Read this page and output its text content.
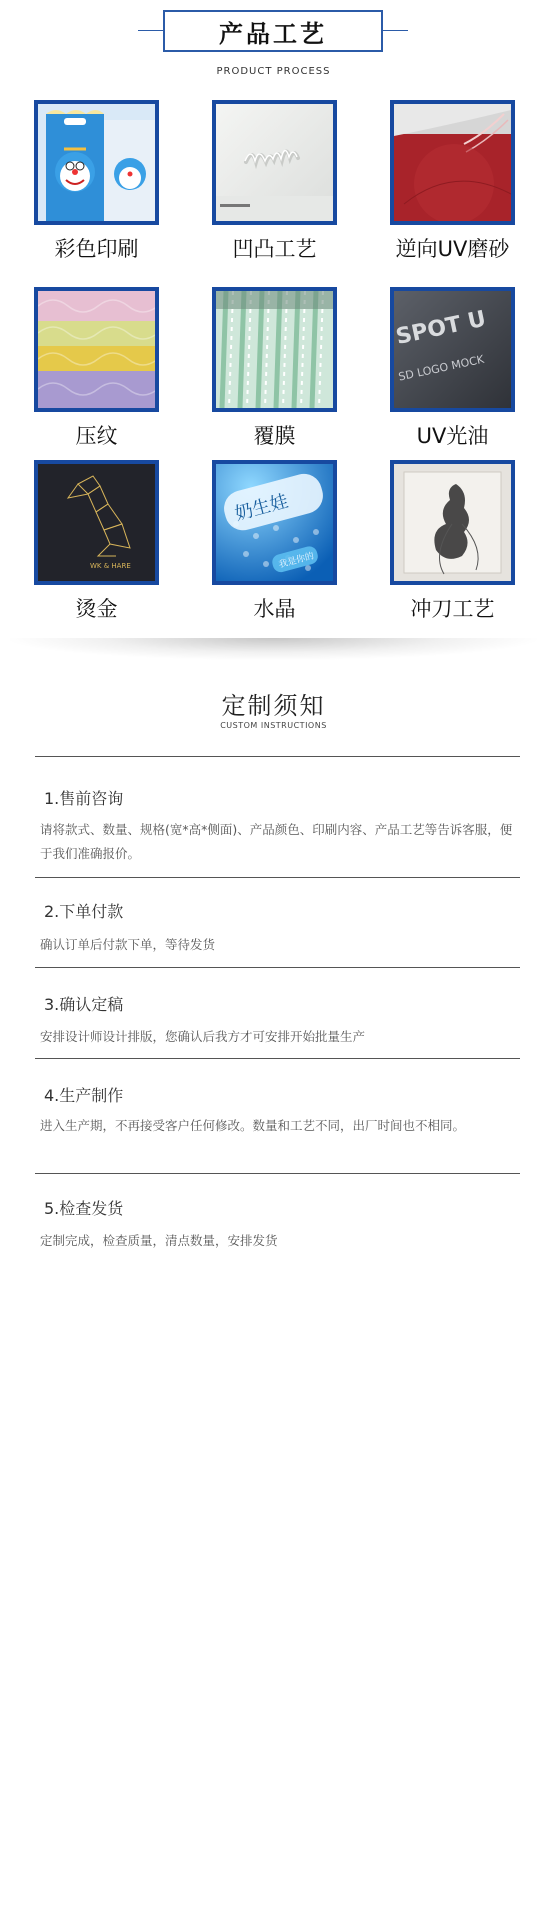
产品工艺
PRODUCT PROCESS
彩色印刷	凹凸工艺	逆向UV磨砂
压纹	覆膜
SPOT U
SD LOGO MOCK
UV光油
WK & HARE
烫金
奶生娃
我是你的
水晶	冲刀工艺
定制须知
CUSTOM INSTRUCTIONS
1.售前咨询
请将款式、数量、规格(宽*高*侧面)、产品颜色、印刷内容、产品工艺等告诉客服，便于我们准确报价。
2.下单付款
确认订单后付款下单，等待发货
3.确认定稿
安排设计师设计排版，您确认后我方才可安排开始批量生产
4.生产制作
进入生产期，不再接受客户任何修改。数量和工艺不同，出厂时间也不相同。
5.检查发货
定制完成，检查质量，清点数量，安排发货
